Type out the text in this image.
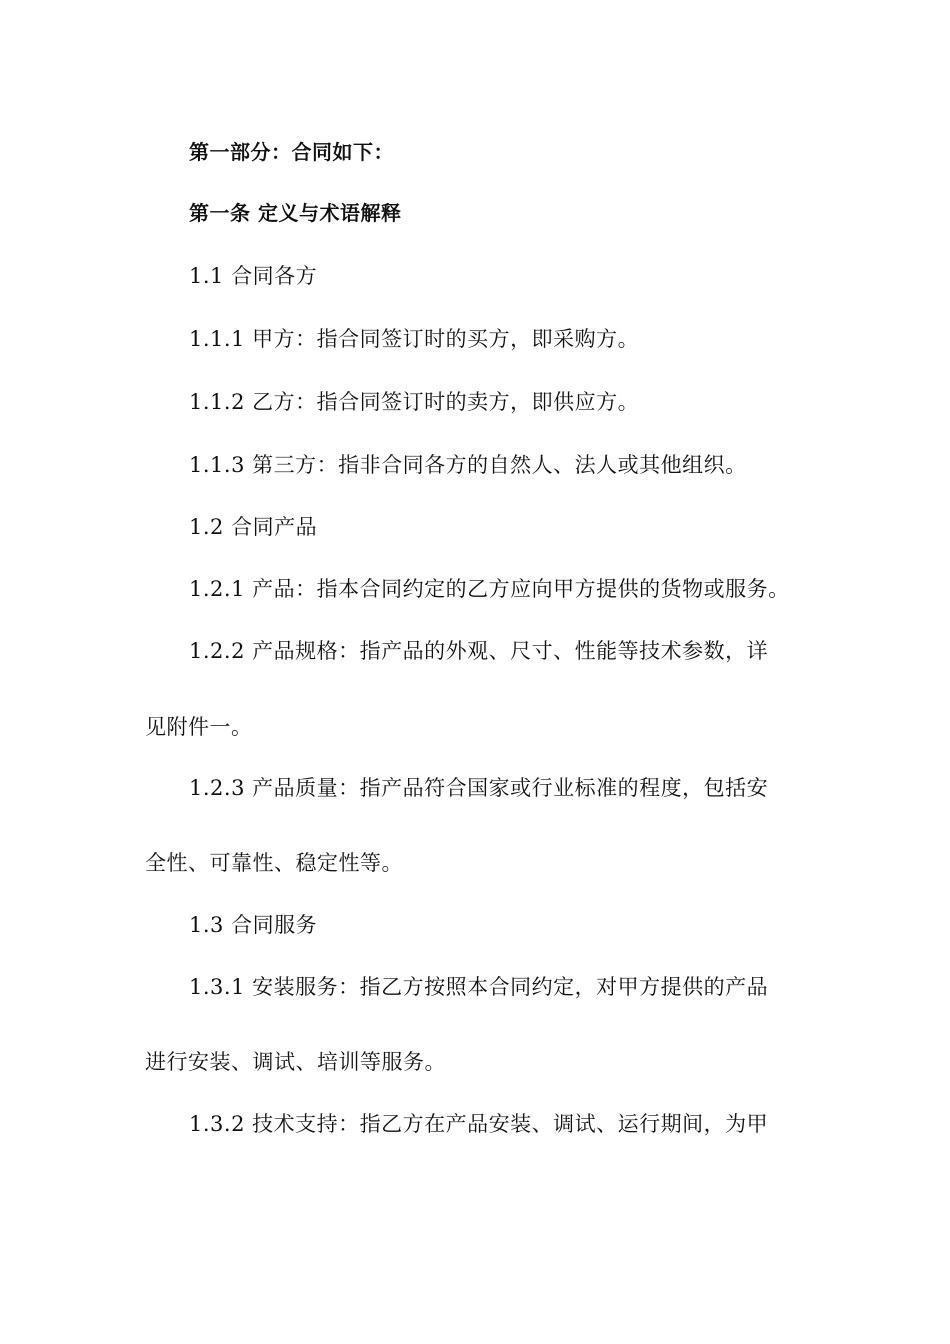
第一部分：合同如下：
第一条 定义与术语解释
1.1 合同各方
1.1.1 甲方：指合同签订时的买方，即采购方。
1.1.2 乙方：指合同签订时的卖方，即供应方。
1.1.3 第三方：指非合同各方的自然人、法人或其他组织。
1.2 合同产品
1.2.1 产品：指本合同约定的乙方应向甲方提供的货物或服务。
1.2.2 产品规格：指产品的外观、尺寸、性能等技术参数，详
见附件一。
1.2.3 产品质量：指产品符合国家或行业标准的程度，包括安
全性、可靠性、稳定性等。
1.3 合同服务
1.3.1 安装服务：指乙方按照本合同约定，对甲方提供的产品
进行安装、调试、培训等服务。
1.3.2 技术支持：指乙方在产品安装、调试、运行期间，为甲
